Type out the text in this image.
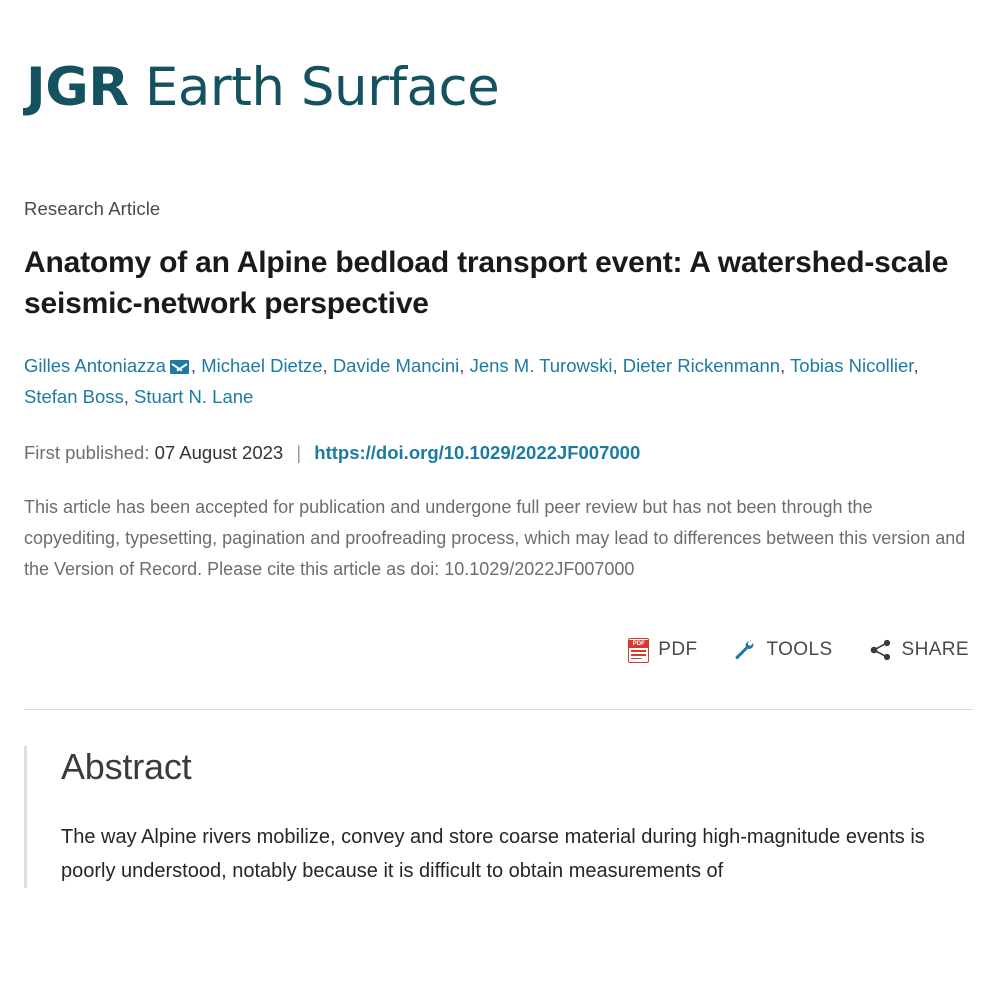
JGR Earth Surface
Research Article
Anatomy of an Alpine bedload transport event: A watershed-scale seismic-network perspective
Gilles Antoniazza , Michael Dietze, Davide Mancini, Jens M. Turowski, Dieter Rickenmann, Tobias Nicollier, Stefan Boss, Stuart N. Lane
First published: 07 August 2023 | https://doi.org/10.1029/2022JF007000
This article has been accepted for publication and undergone full peer review but has not been through the copyediting, typesetting, pagination and proofreading process, which may lead to differences between this version and the Version of Record. Please cite this article as doi: 10.1029/2022JF007000
PDF
PDF	TOOLS	SHARE
Abstract
The way Alpine rivers mobilize, convey and store coarse material during high-magnitude events is poorly understood, notably because it is difficult to obtain measurements of
